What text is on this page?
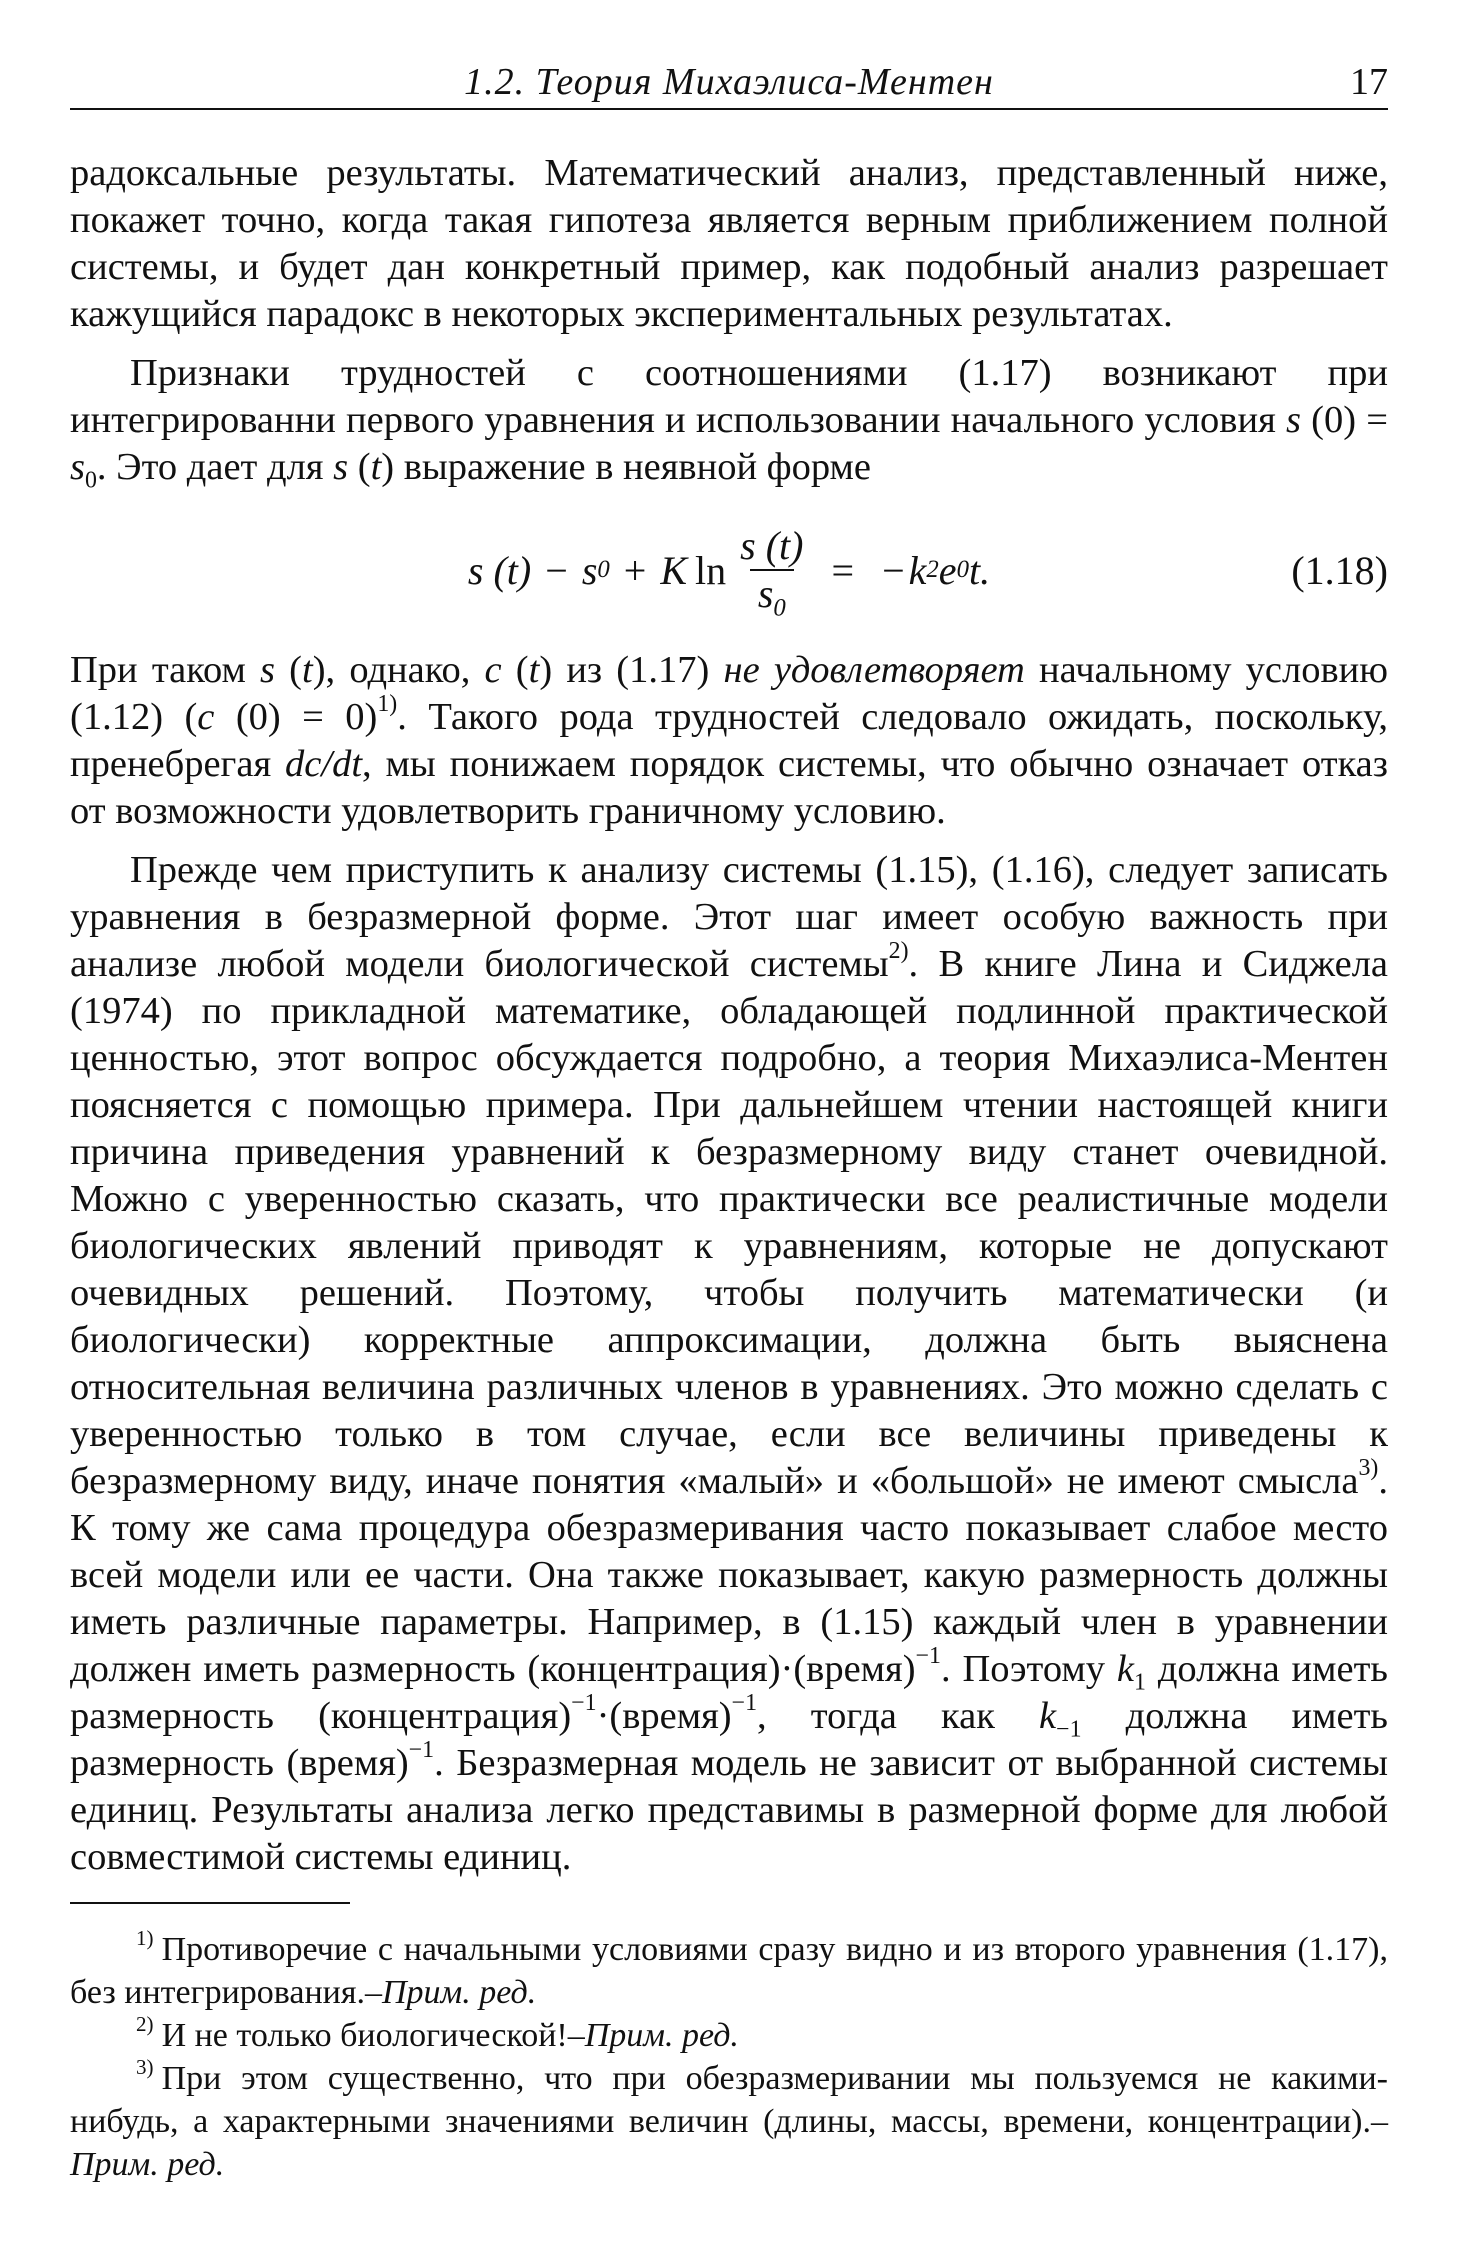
1.2. Теория Михаэлиса-Ментен	17

радоксальные результаты. Математический анализ, представленный ниже, покажет точно, когда такая гипотеза является верным приближением полной системы, и будет дан конкретный пример, как подобный анализ разрешает кажущийся парадокс в некоторых экспериментальных результатах.

Признаки трудностей с соотношениями (1.17) возникают при интегрированни первого уравнения и использовании начального условия s $(0) = s_0$. Это дает для s (t) выражение в неявной форме

s
(t) − s 0 + K $\ln \frac{s (t)}{s_0}$ = − k 2 e 0 t.	(1.18)

При таком s (t), однако, c (t) из (1.17) не удовлетворяет начальному условию (1.12) (c (0) = 0)$^{1)}$. Такого рода трудностей следовало ожидать, поскольку, пренебрегая dc/dt, мы понижаем порядок системы, что обычно означает отказ от возможности удовлетворить граничному условию.

Прежде чем приступить к анализу системы (1.15), (1.16), следует записать уравнения в безразмерной форме. Этот шаг имеет особую важность при анализе любой модели биологической системы$^{2)}$. В книге Лина и Сиджела (1974) по прикладной математике, обладающей подлинной практической ценностью, этот вопрос обсуждается подробно, а теория Михаэлиса-Ментен поясняется с помощью примера. При дальнейшем чтении настоящей книги причина приведения уравнений к безразмерному виду станет очевидной. Можно с уверенностью сказать, что практически все реалистичные модели биологических явлений приводят к уравнениям, которые не допускают очевидных решений. Поэтому, чтобы получить математически (и биологически) корректные аппроксимации, должна быть выяснена относительная величина различных членов в уравнениях. Это можно сделать с уверенностью только в том случае, если все величины приведены к безразмерному виду, иначе понятия «малый» и «большой» не имеют смысла$^{3)}$. К тому же сама процедура обезразмеривания часто показывает слабое место всей модели или ее части. Она также показывает, какую размерность должны иметь различные параметры. Например, в (1.15) каждый член в уравнении должен иметь размерность (концентрация)·(время)$^{-1}$. Поэтому $k_1$ должна иметь размерность (концентрация)$^{-1}$·(время)$^{-1}$, тогда как $k_{-1}$ должна иметь размерность (время)$^{-1}$. Безразмерная модель не зависит от выбранной системы единиц. Результаты анализа легко представимы в размерной форме для любой совместимой системы единиц.

$^{1)}$ Противоречие с начальными условиями сразу видно и из второго уравнения (1.17), без интегрирования.–Прим. ред.

$^{2)}$ И не только биологической!–Прим. ред.

$^{3)}$ При этом существенно, что при обезразмеривании мы пользуемся не какими-нибудь, а характерными значениями величин (длины, массы, времени, концентрации).–Прим. ред.
